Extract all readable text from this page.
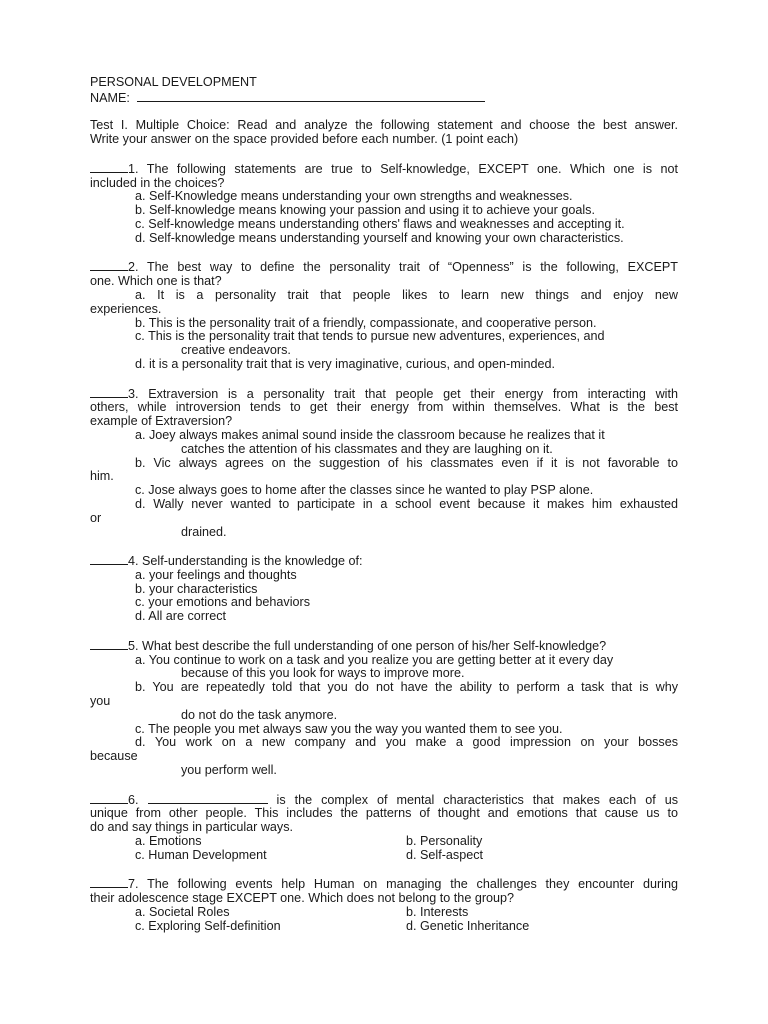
PERSONAL DEVELOPMENT
NAME:
Test I. Multiple Choice: Read and analyze the following statement and choose the best answer.
Write your answer on the space provided before each number. (1 point each)
1. The following statements are true to Self-knowledge, EXCEPT one. Which one is not
included in the choices?
a. Self-Knowledge means understanding your own strengths and weaknesses.
b. Self-knowledge means knowing your passion and using it to achieve your goals.
c. Self-knowledge means understanding others' flaws and weaknesses and accepting it.
d. Self-knowledge means understanding yourself and knowing your own characteristics.
2. The best way to define the personality trait of “Openness” is the following, EXCEPT
one. Which one is that?
a. It is a personality trait that people likes to learn new things and enjoy new
experiences.
b. This is the personality trait of a friendly, compassionate, and cooperative person.
c. This is the personality trait that tends to pursue new adventures, experiences, and
creative endeavors.
d. it is a personality trait that is very imaginative, curious, and open-minded.
3. Extraversion is a personality trait that people get their energy from interacting with
others, while introversion tends to get their energy from within themselves. What is the best
example of Extraversion?
a. Joey always makes animal sound inside the classroom because he realizes that it
catches the attention of his classmates and they are laughing on it.
b. Vic always agrees on the suggestion of his classmates even if it is not favorable to
him.
c. Jose always goes to home after the classes since he wanted to play PSP alone.
d. Wally never wanted to participate in a school event because it makes him exhausted
or
drained.
4. Self-understanding is the knowledge of:
a. your feelings and thoughts
b. your characteristics
c. your emotions and behaviors
d. All are correct
5. What best describe the full understanding of one person of his/her Self-knowledge?
a. You continue to work on a task and you realize you are getting better at it every day
because of this you look for ways to improve more.
b. You are repeatedly told that you do not have the ability to perform a task that is why
you
do not do the task anymore.
c. The people you met always saw you the way you wanted them to see you.
d. You work on a new company and you make a good impression on your bosses
because
you perform well.
6.	is the complex of mental characteristics that makes each of us
unique from other people. This includes the patterns of thought and emotions that cause us to
do and say things in particular ways.
a. Emotions	b. Personality
c. Human Development	d. Self-aspect
7. The following events help Human on managing the challenges they encounter during
their adolescence stage EXCEPT one. Which does not belong to the group?
a. Societal Roles	b. Interests
c. Exploring Self-definition	d. Genetic Inheritance
